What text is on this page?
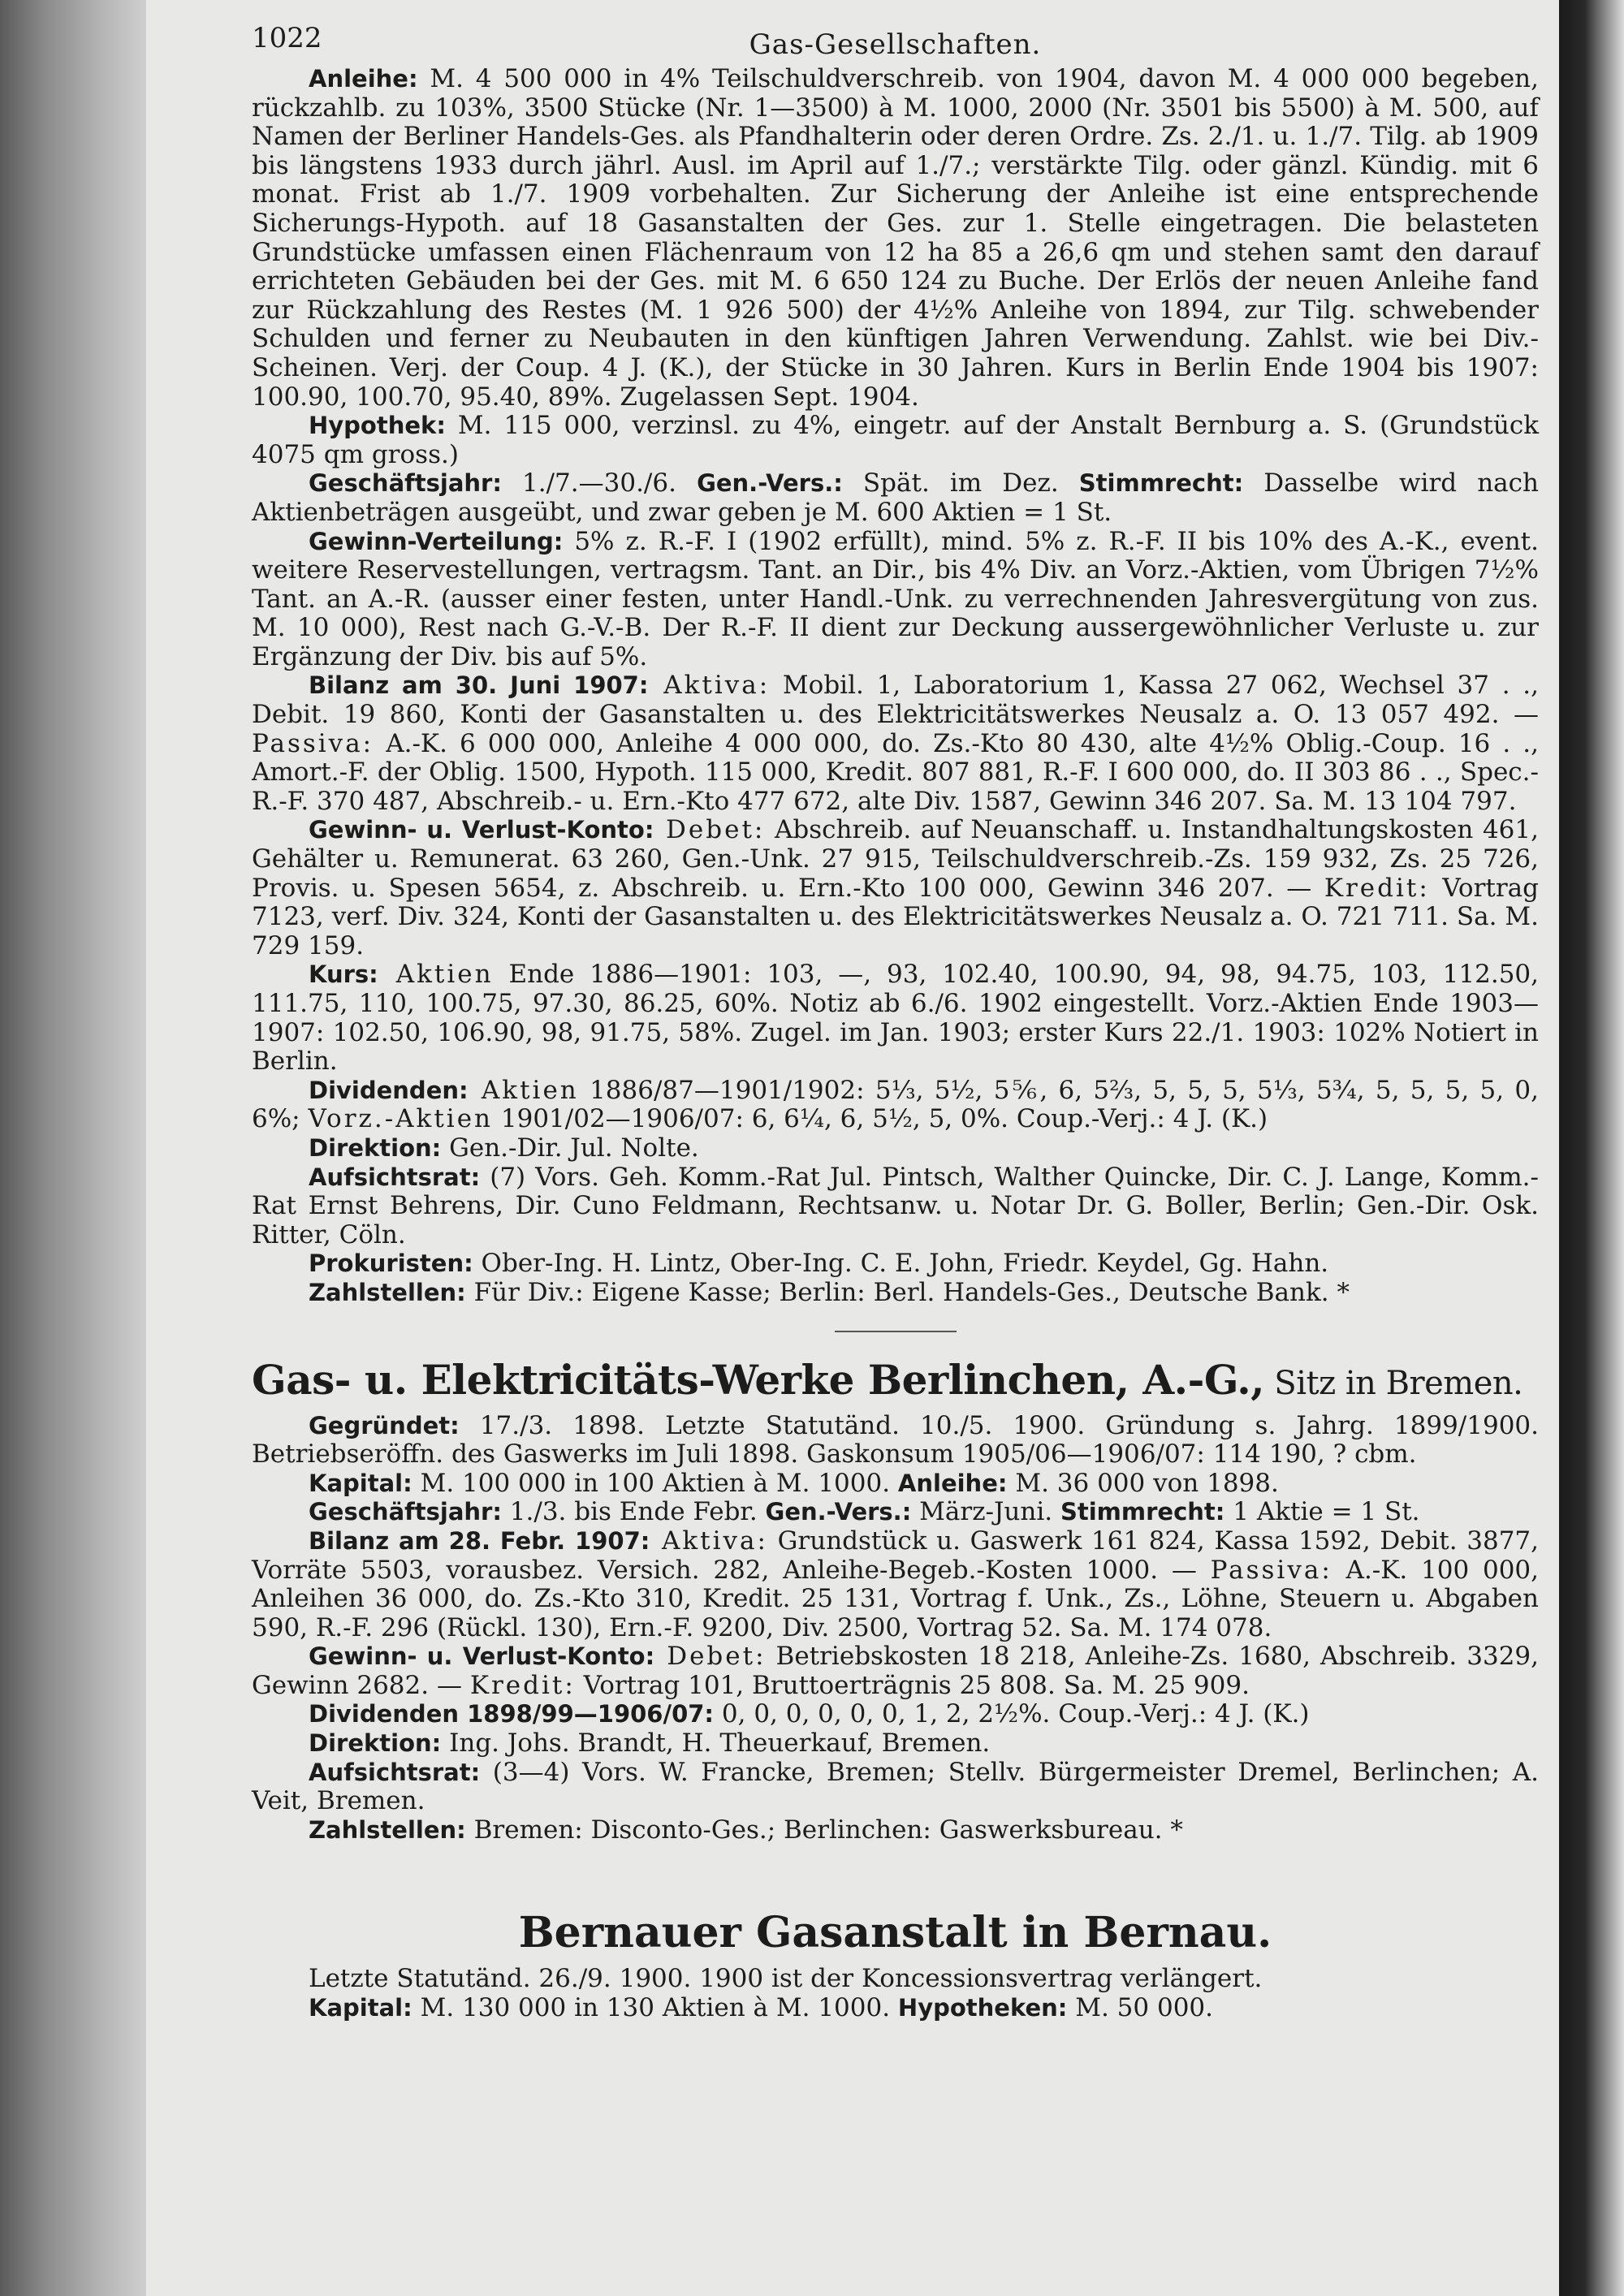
1022	Gas-Gesellschaften.

Anleihe: M. 4 500 000 in 4% Teilschuldverschreib. von 1904, davon M. 4 000 000 begeben, rückzahlb. zu 103%, 3500 Stücke (Nr. 1—3500) à M. 1000, 2000 (Nr. 3501 bis 5500) à M. 500, auf Namen der Berliner Handels-Ges. als Pfandhalterin oder deren Ordre. Zs. 2./1. u. 1./7. Tilg. ab 1909 bis längstens 1933 durch jährl. Ausl. im April auf 1./7.; verstärkte Tilg. oder gänzl. Kündig. mit 6 monat. Frist ab 1./7. 1909 vorbehalten. Zur Sicherung der Anleihe ist eine entsprechende Sicherungs-Hypoth. auf 18 Gasanstalten der Ges. zur 1. Stelle eingetragen. Die belasteten Grundstücke umfassen einen Flächenraum von 12 ha 85 a 26,6 qm und stehen samt den darauf errichteten Gebäuden bei der Ges. mit M. 6 650 124 zu Buche. Der Erlös der neuen Anleihe fand zur Rückzahlung des Restes (M. 1 926 500) der 4½% Anleihe von 1894, zur Tilg. schwebender Schulden und ferner zu Neubauten in den künftigen Jahren Verwendung. Zahlst. wie bei Div.-Scheinen. Verj. der Coup. 4 J. (K.), der Stücke in 30 Jahren. Kurs in Berlin Ende 1904 bis 1907: 100.90, 100.70, 95.40, 89%. Zugelassen Sept. 1904.

Hypothek: M. 115 000, verzinsl. zu 4%, eingetr. auf der Anstalt Bernburg a. S. (Grundstück 4075 qm gross.)

Geschäftsjahr: 1./7.—30./6. Gen.-Vers.: Spät. im Dez. Stimmrecht: Dasselbe wird nach Aktienbeträgen ausgeübt, und zwar geben je M. 600 Aktien = 1 St.

Gewinn-Verteilung: 5% z. R.-F. I (1902 erfüllt), mind. 5% z. R.-F. II bis 10% des A.-K., event. weitere Reservestellungen, vertragsm. Tant. an Dir., bis 4% Div. an Vorz.-Aktien, vom Übrigen 7½% Tant. an A.-R. (ausser einer festen, unter Handl.-Unk. zu verrechnenden Jahresvergütung von zus. M. 10 000), Rest nach G.-V.-B. Der R.-F. II dient zur Deckung aussergewöhnlicher Verluste u. zur Ergänzung der Div. bis auf 5%.

Bilanz am 30. Juni 1907: Aktiva: Mobil. 1, Laboratorium 1, Kassa 27 062, Wechsel 37 . ., Debit. 19 860, Konti der Gasanstalten u. des Elektricitätswerkes Neusalz a. O. 13 057 492. — Passiva: A.-K. 6 000 000, Anleihe 4 000 000, do. Zs.-Kto 80 430, alte 4½% Oblig.-Coup. 16 . ., Amort.-F. der Oblig. 1500, Hypoth. 115 000, Kredit. 807 881, R.-F. I 600 000, do. II 303 86 . ., Spec.-R.-F. 370 487, Abschreib.- u. Ern.-Kto 477 672, alte Div. 1587, Gewinn 346 207. Sa. M. 13 104 797.

Gewinn- u. Verlust-Konto: Debet: Abschreib. auf Neuanschaff. u. Instandhaltungskosten 461, Gehälter u. Remunerat. 63 260, Gen.-Unk. 27 915, Teilschuldverschreib.-Zs. 159 932, Zs. 25 726, Provis. u. Spesen 5654, z. Abschreib. u. Ern.-Kto 100 000, Gewinn 346 207. — Kredit: Vortrag 7123, verf. Div. 324, Konti der Gasanstalten u. des Elektricitätswerkes Neusalz a. O. 721 711. Sa. M. 729 159.

Kurs: Aktien Ende 1886—1901: 103, —, 93, 102.40, 100.90, 94, 98, 94.75, 103, 112.50, 111.75, 110, 100.75, 97.30, 86.25, 60%. Notiz ab 6./6. 1902 eingestellt. Vorz.-Aktien Ende 1903—1907: 102.50, 106.90, 98, 91.75, 58%. Zugel. im Jan. 1903; erster Kurs 22./1. 1903: 102% Notiert in Berlin.

Dividenden: Aktien 1886/87—1901/1902: 5⅓, 5½, 5⅚, 6, 5⅔, 5, 5, 5, 5⅓, 5¾, 5, 5, 5, 5, 0, 6%; Vorz.-Aktien 1901/02—1906/07: 6, 6¼, 6, 5½, 5, 0%. Coup.-Verj.: 4 J. (K.)

Direktion: Gen.-Dir. Jul. Nolte.

Aufsichtsrat: (7) Vors. Geh. Komm.-Rat Jul. Pintsch, Walther Quincke, Dir. C. J. Lange, Komm.-Rat Ernst Behrens, Dir. Cuno Feldmann, Rechtsanw. u. Notar Dr. G. Boller, Berlin; Gen.-Dir. Osk. Ritter, Cöln.

Prokuristen: Ober-Ing. H. Lintz, Ober-Ing. C. E. John, Friedr. Keydel, Gg. Hahn.

Zahlstellen: Für Div.: Eigene Kasse; Berlin: Berl. Handels-Ges., Deutsche Bank. *

Gas- u. Elektricitäts-Werke Berlinchen, A.-G., Sitz in Bremen.

Gegründet: 17./3. 1898. Letzte Statutänd. 10./5. 1900. Gründung s. Jahrg. 1899/1900. Betriebseröffn. des Gaswerks im Juli 1898. Gaskonsum 1905/06—1906/07: 114 190, ? cbm.

Kapital: M. 100 000 in 100 Aktien à M. 1000. Anleihe: M. 36 000 von 1898.

Geschäftsjahr: 1./3. bis Ende Febr. Gen.-Vers.: März-Juni. Stimmrecht: 1 Aktie = 1 St.

Bilanz am 28. Febr. 1907: Aktiva: Grundstück u. Gaswerk 161 824, Kassa 1592, Debit. 3877, Vorräte 5503, vorausbez. Versich. 282, Anleihe-Begeb.-Kosten 1000. — Passiva: A.-K. 100 000, Anleihen 36 000, do. Zs.-Kto 310, Kredit. 25 131, Vortrag f. Unk., Zs., Löhne, Steuern u. Abgaben 590, R.-F. 296 (Rückl. 130), Ern.-F. 9200, Div. 2500, Vortrag 52. Sa. M. 174 078.

Gewinn- u. Verlust-Konto: Debet: Betriebskosten 18 218, Anleihe-Zs. 1680, Abschreib. 3329, Gewinn 2682. — Kredit: Vortrag 101, Bruttoerträgnis 25 808. Sa. M. 25 909.

Dividenden 1898/99—1906/07: 0, 0, 0, 0, 0, 0, 1, 2, 2½%. Coup.-Verj.: 4 J. (K.)

Direktion: Ing. Johs. Brandt, H. Theuerkauf, Bremen.

Aufsichtsrat: (3—4) Vors. W. Francke, Bremen; Stellv. Bürgermeister Dremel, Berlinchen; A. Veit, Bremen.

Zahlstellen: Bremen: Disconto-Ges.; Berlinchen: Gaswerksbureau. *

Bernauer Gasanstalt in Bernau.

Letzte Statutänd. 26./9. 1900. 1900 ist der Koncessionsvertrag verlängert.

Kapital: M. 130 000 in 130 Aktien à M. 1000. Hypotheken: M. 50 000.
